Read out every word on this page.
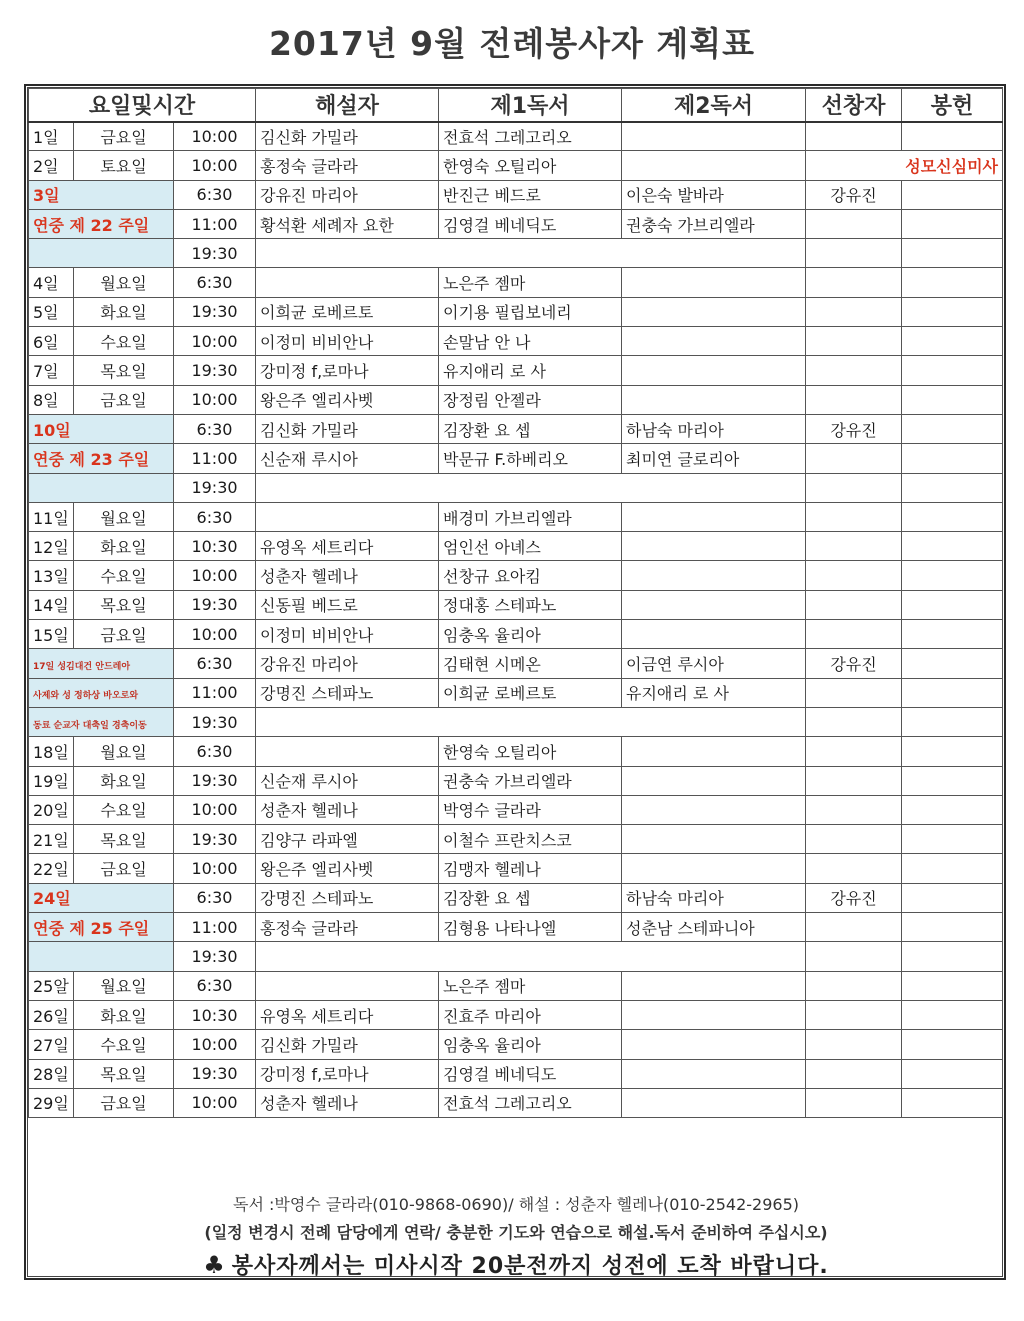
2017년 9월 전례봉사자 계획표
요일및시간			해설자	제1독서	제2독서	선창자	봉헌
1일	금요일	10:00	김신화 가밀라	전효석 그레고리오			
2일	토요일	10:00	홍정숙 글라라	한영숙 오틸리아		성모신심미사	
3일		6:30	강유진 마리아	반진근 베드로	이은숙 발바라	강유진	
연중 제 22 주일		11:00	황석환 세례자 요한	김영걸 베네딕도	권충숙 가브리엘라		
		19:30					
4일	월요일	6:30		노은주 젬마			
5일	화요일	19:30	이희균 로베르토	이기용 필립보네리			
6일	수요일	10:00	이정미 비비안나	손말남 안 나			
7일	목요일	19:30	강미정 f,로마나	유지애리 로 사			
8일	금요일	10:00	왕은주 엘리사벳	장정림 안젤라			
10일		6:30	김신화 가밀라	김장환 요 셉	하남숙 마리아	강유진	
연중 제 23 주일		11:00	신순재 루시아	박문규 F.하베리오	최미연 글로리아		
		19:30					
11일	월요일	6:30		배경미 가브리엘라			
12일	화요일	10:30	유영옥 세트리다	엄인선 아녜스			
13일	수요일	10:00	성춘자 헬레나	선창규 요아킴			
14일	목요일	19:30	신동필 베드로	정대홍 스테파노			
15일	금요일	10:00	이정미 비비안나	임충옥 율리아			
17일 성김대건 안드레아		6:30	강유진 마리아	김태현 시메온	이금연 루시아	강유진	
사제와 성 정하상 바오로와		11:00	강명진 스테파노	이희균 로베르토	유지애리 로 사		
동료 순교자 대축일 경축이동		19:30					
18일	월요일	6:30		한영숙 오틸리아			
19일	화요일	19:30	신순재 루시아	권충숙 가브리엘라			
20일	수요일	10:00	성춘자 헬레나	박영수 글라라			
21일	목요일	19:30	김양구 라파엘	이철수 프란치스코			
22일	금요일	10:00	왕은주 엘리사벳	김맹자 헬레나			
24일		6:30	강명진 스테파노	김장환 요 셉	하남숙 마리아	강유진	
연중 제 25 주일		11:00	홍정숙 글라라	김형용 나타나엘	성춘남 스테파니아		
		19:30					
25알	월요일	6:30		노은주 젬마			
26일	화요일	10:30	유영옥 세트리다	진효주 마리아			
27일	수요일	10:00	김신화 가밀라	임충옥 율리아			
28일	목요일	19:30	강미정 f,로마나	김영걸 베네딕도			
29일	금요일	10:00	성춘자 헬레나	전효석 그레고리오			
독서 :박영수 글라라(010-9868-0690)/ 해설 : 성춘자 헬레나(010-2542-2965)
(일정 변경시 전례 담당에게 연락/ 충분한 기도와 연습으로 해설.독서 준비하여 주십시오)
♣ 봉사자께서는 미사시작 20분전까지 성전에 도착 바랍니다.
